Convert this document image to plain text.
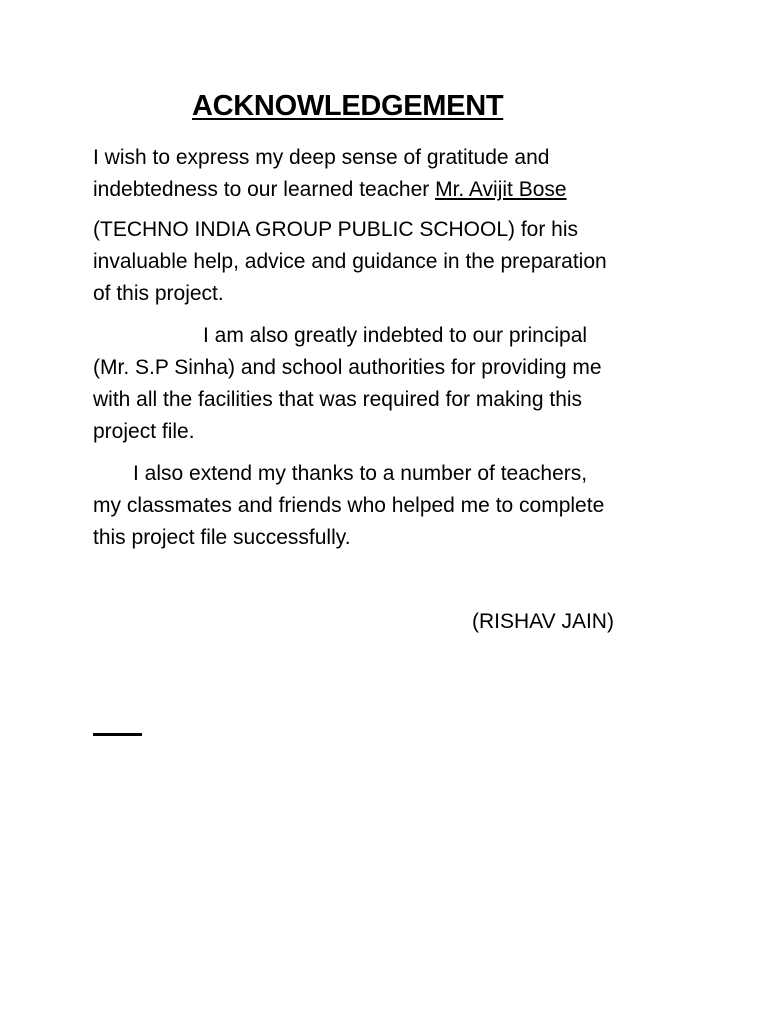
ACKNOWLEDGEMENT

I wish to express my deep sense of gratitude and
indebtedness to our learned teacher Mr. Avijit Bose

(TECHNO INDIA GROUP PUBLIC SCHOOL) for his
invaluable help, advice and guidance in the preparation
of this project.

I am also greatly indebted to our principal
(Mr. S.P Sinha) and school authorities for providing me
with all the facilities that was required for making this
project file.

I also extend my thanks to a number of teachers,
my classmates and friends who helped me to complete
this project file successfully.

(RISHAV JAIN)
